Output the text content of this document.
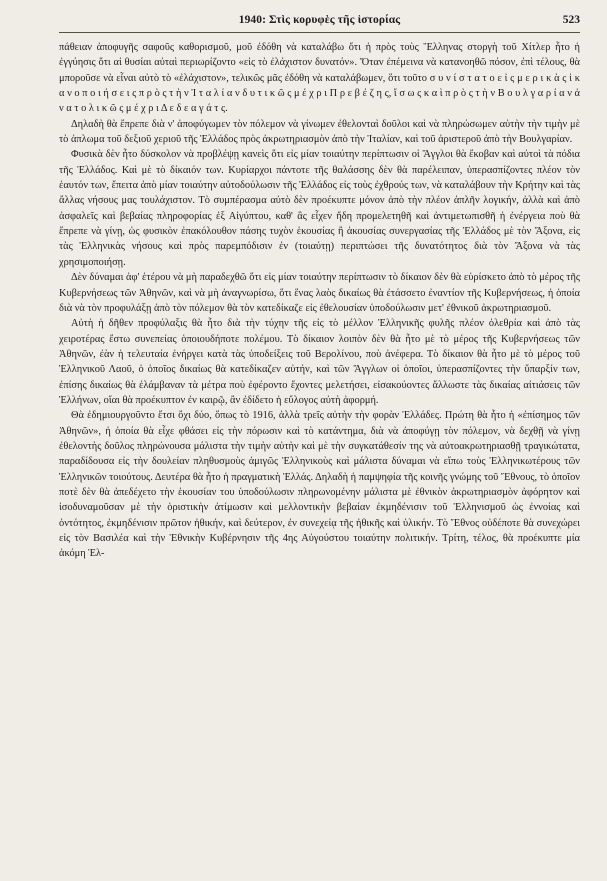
1940: Στὶς κορυφὲς τῆς ἱστορίας	523

πάθειαν ἀποφυγῆς σαφοῦς καθορισμοῦ, μοῦ ἐδόθη νὰ καταλάβω ὅτι ἡ πρὸς τοὺς Ἕλληνας στοργὴ τοῦ Χίτλερ ἦτο ἡ ἐγγύησις ὅτι αἱ θυσίαι αὐταὶ περιωρίζοντο «εἰς τὸ ἐλάχιστον δυνατόν». Ὅταν ἐπέμεινα νὰ κατανοηθῶ πόσον, ἐπὶ τέλους, θὰ μποροῦσε νὰ εἶναι αὐτὸ τὸ «ἐλάχιστον», τελικῶς μᾶς ἐδόθη νὰ καταλάβωμεν, ὅτι τοῦτο σ υ ν ί σ τ α τ ο ε ἰ ς μ ε ρ ι κ ὰ ς ἱ κ α ν ο π ο ι ή σ ε ι ς π ρ ὸ ς τ ὴ ν Ἰ τ α λ ί α ν δ υ τ ι κ ῶ ς μ έ χ ρ ι Π ρ ε β έ ζ η ς, ἴ σ ω ς κ α ὶ π ρ ὸ ς τ ὴ ν Β ο υ λ γ α ρ ί α ν ἀ ν α τ ο λ ι κ ῶ ς μ έ χ ρ ι Δ ε δ ε α γ ά τ ς.

Δηλαδὴ θὰ ἔπρεπε διὰ ν' ἀποφύγωμεν τὸν πόλεμον νὰ γίνωμεν ἐθελονταὶ δοῦλοι καὶ νὰ πληρώσωμεν αὐτὴν τὴν τιμὴν μὲ τὸ ἀπλωμα τοῦ δεξιοῦ χεριοῦ τῆς Ἑλλάδος πρὸς ἀκρωτηριασμὸν ἀπὸ τὴν Ἰταλίαν, καὶ τοῦ ἀριστεροῦ ἀπὸ τὴν Βουλγαρίαν.

Φυσικὰ δὲν ἦτο δύσκολον νὰ προβλέψῃ κανεὶς ὅτι εἰς μίαν τοιαύτην περίπτωσιν οἱ Ἄγγλοι θὰ ἔκοβαν καὶ αὐτοὶ τὰ πόδια τῆς Ἑλλάδος. Καὶ μὲ τὸ δίκαιόν των. Κυρίαρχοι πάντοτε τῆς θαλάσσης δὲν θὰ παρέλειπαν, ὑπερασπίζοντες πλέον τὸν ἑαυτόν των, ἔπειτα ἀπὸ μίαν τοιαύτην αὐτοδούλωσιν τῆς Ἑλλάδος εἰς τοὺς ἐχθρούς των, νὰ καταλάβουν τὴν Κρήτην καὶ τὰς ἄλλας νήσους μας τουλάχιστον. Τὸ συμπέρασμα αὐτὸ δὲν προέκυπτε μόνον ἀπὸ τὴν πλέον ἁπλῆν λογικήν, ἀλλὰ καὶ ἀπὸ ἀσφαλεῖς καὶ βεβαίας πληροφορίας ἐξ Αἰγύπτου, καθ' ἃς εἶχεν ἤδη προμελετηθῆ καὶ ἀντιμετωπισθῆ ἡ ἐνέργεια ποὺ θὰ ἔπρεπε νὰ γίνῃ, ὡς φυσικὸν ἐπακόλουθον πάσης τυχὸν ἑκουσίας ἢ ἀκουσίας συνεργασίας τῆς Ἑλλάδος μὲ τὸν Ἄξονα, εἰς τὰς Ἑλληνικὰς νήσους καὶ πρὸς παρεμπόδισιν ἐν (τοιαύτῃ) περιπτώσει τῆς δυνατότητος διὰ τὸν Ἄξονα νὰ τὰς χρησιμοποιήσῃ.

Δὲν δύναμαι ἀφ' ἑτέρου νὰ μὴ παραδεχθῶ ὅτι εἰς μίαν τοιαύτην περίπτωσιν τὸ δίκαιον δὲν θὰ εὑρίσκετο ἀπὸ τὸ μέρος τῆς Κυβερνήσεως τῶν Ἀθηνῶν, καὶ νὰ μὴ ἀναγνωρίσω, ὅτι ἕνας λαὸς δικαίως θὰ ἐτάσσετο ἐναντίον τῆς Κυβερνήσεως, ἡ ὁποία διὰ νὰ τὸν προφυλάξῃ ἀπὸ τὸν πόλεμον θὰ τὸν κατεδίκαζε εἰς ἐθελουσίαν ὑποδούλωσιν μετ' ἐθνικοῦ ἀκρωτηριασμοῦ.

Αὐτὴ ἡ δῆθεν προφύλαξις θὰ ἦτο διὰ τὴν τύχην τῆς εἰς τὸ μέλλον Ἑλληνικῆς φυλῆς πλέον ὀλεθρία καὶ ἀπὸ τὰς χειροτέρας ἔστω συνεπείας ὁποιουδήποτε πολέμου. Τὸ δίκαιον λοιπὸν δὲν θὰ ἦτο μὲ τὸ μέρος τῆς Κυβερνήσεως τῶν Ἀθηνῶν, ἐὰν ἡ τελευταία ἐνήργει κατὰ τὰς ὑποδείξεις τοῦ Βερολίνου, ποὺ ἀνέφερα. Τὸ δίκαιον θὰ ἦτο μὲ τὸ μέρος τοῦ Ἑλληνικοῦ Λαοῦ, ὁ ὁποῖος δικαίως θὰ κατεδίκαζεν αὐτήν, καὶ τῶν Ἄγγλων οἱ ὁποῖοι, ὑπερασπίζοντες τὴν ὕπαρξίν των, ἐπίσης δικαίως θὰ ἐλάμβαναν τὰ μέτρα ποὺ ἐφέροντο ἔχοντες μελετήσει, εἰσακούοντες ἄλλωστε τὰς δικαίας αἰτιάσεις τῶν Ἑλλήνων, οἵαι θὰ προέκυπτον ἐν καιρῷ, ἂν ἐδίδετο ἡ εὔλογος αὐτὴ ἀφορμή.

Θὰ ἐδημιουργοῦντο ἔτσι ὄχι δύο, ὅπως τὸ 1916, ἀλλὰ τρεῖς αὐτὴν τὴν φορὰν Ἑλλάδες. Πρώτη θὰ ἦτο ἡ «ἐπίσημος τῶν Ἀθηνῶν», ἡ ὁποία θὰ εἶχε φθάσει εἰς τὴν πόρωσιν καὶ τὸ κατάντημα, διὰ νὰ ἀποφύγῃ τὸν πόλεμον, νὰ δεχθῇ νὰ γίνῃ ἐθελοντὴς δοῦλος πληρώνουσα μάλιστα τὴν τιμὴν αὐτὴν καὶ μὲ τὴν συγκατάθεσίν της νὰ αὐτοακρωτηριασθῇ τραγικώτατα, παραδίδουσα εἰς τὴν δουλείαν πληθυσμοὺς ἀμιγῶς Ἑλληνικοὺς καὶ μάλιστα δύναμαι νὰ εἴπω τοὺς Ἑλληνικωτέρους τῶν Ἑλληνικῶν τοιούτους. Δευτέρα θὰ ἦτο ἡ πραγματικὴ Ἑλλάς. Δηλαδὴ ἡ παμψηφία τῆς κοινῆς γνώμης τοῦ Ἔθνους, τὸ ὁποῖον ποτὲ δὲν θὰ ἀπεδέχετο τὴν ἑκουσίαν του ὑποδούλωσιν πληρωνομένην μάλιστα μὲ ἐθνικὸν ἀκρωτηριασμὸν ἀφόρητον καὶ ἰσοδυναμοῦσαν μὲ τὴν ὁριστικὴν ἀτίμωσιν καὶ μελλοντικὴν βεβαίαν ἐκμηδένισιν τοῦ Ἑλληνισμοῦ ὡς ἐννοίας καὶ ὀντότητος, ἐκμηδένισιν πρῶτον ἠθικήν, καὶ δεύτερον, ἐν συνεχείᾳ τῆς ἠθικῆς καὶ ὑλικήν. Τὸ Ἔθνος οὐδέποτε θὰ συνεχώρει εἰς τὸν Βασιλέα καὶ τὴν Ἐθνικὴν Κυβέρνησιν τῆς 4ης Αὐγούστου τοιαύτην πολιτικήν. Τρίτη, τέλος, θὰ προέκυπτε μία ἀκόμη Ἑλ-
